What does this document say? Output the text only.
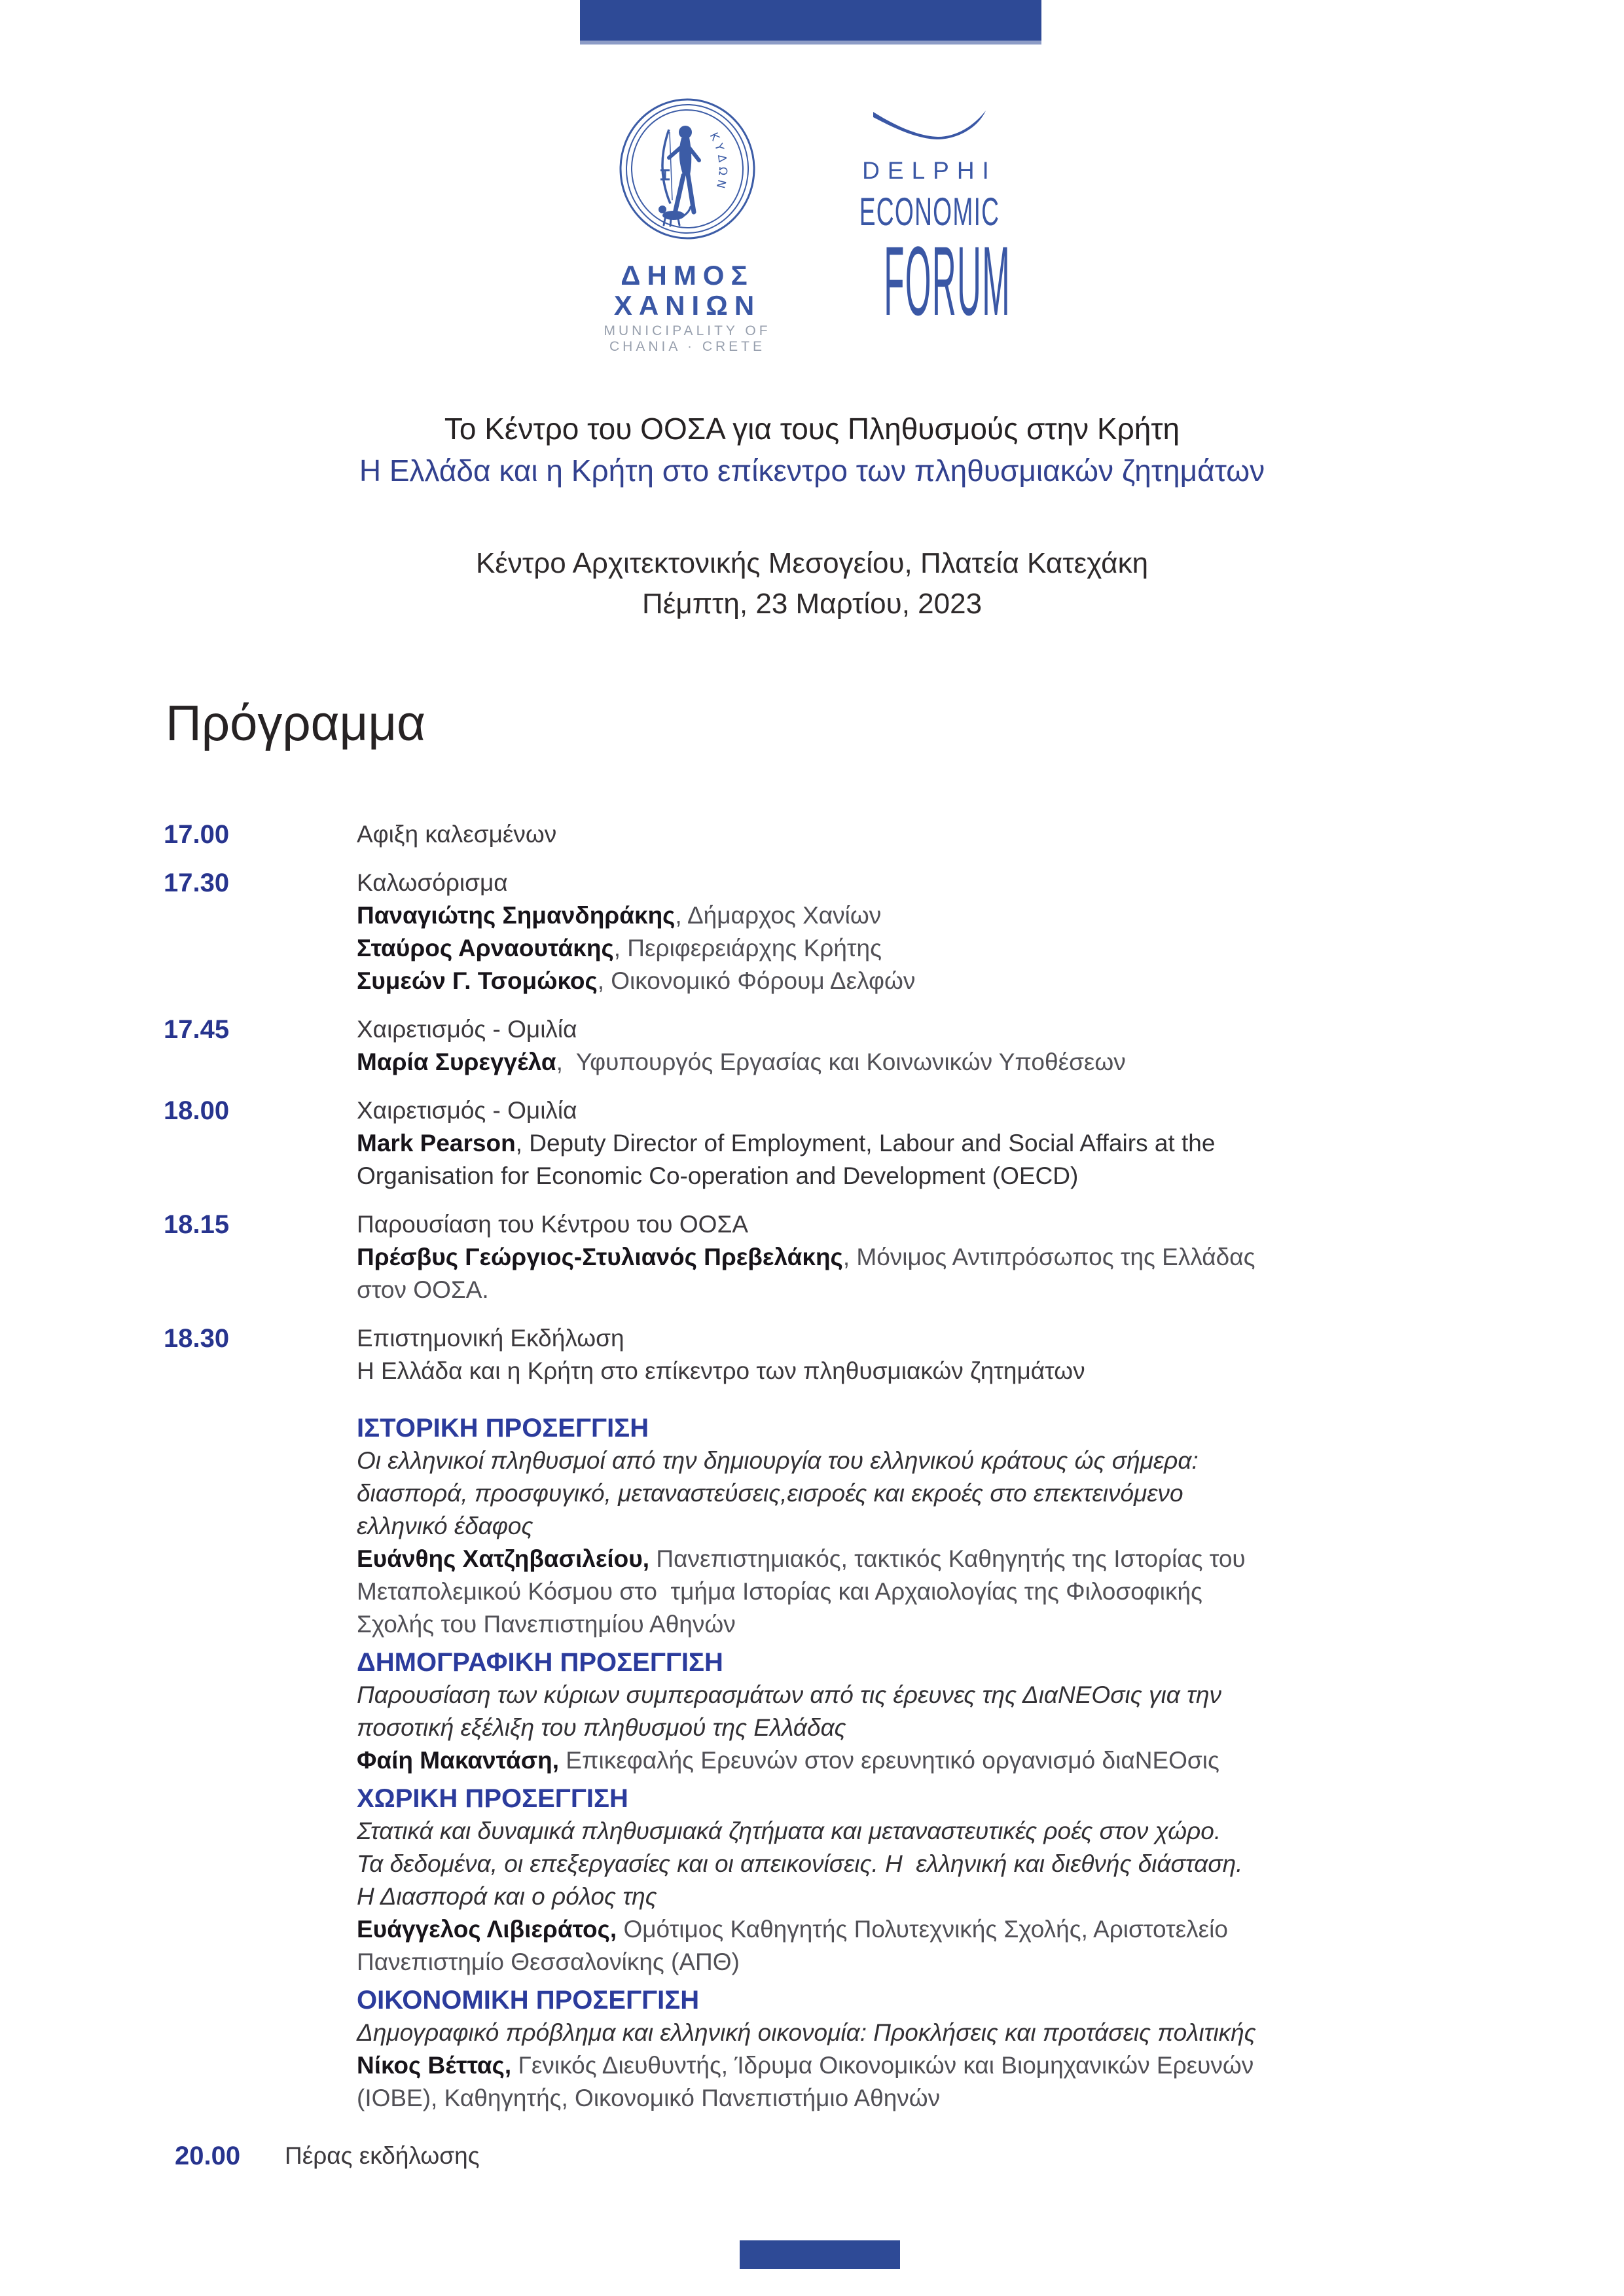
ΚΥΔΩΝ
ΔΗΜΟΣ
ΧΑΝΙΩΝ
MUNICIPALITY OF
CHANIA · CRETE
DELPHI
ECONOMIC
FORUM
Το Κέντρο του ΟΟΣΑ για τους Πληθυσμούς στην Κρήτη
Η Ελλάδα και η Κρήτη στο επίκεντρο των πληθυσμιακών ζητημάτων
Κέντρο Αρχιτεκτονικής Μεσογείου, Πλατεία Κατεχάκη
Πέμπτη, 23 Μαρτίου, 2023
Πρόγραμμα
17.00	Αφιξη καλεσμένων
17.30	Καλωσόρισμα
Παναγιώτης Σημανδηράκης, Δήμαρχος Χανίων
Σταύρος Αρναουτάκης, Περιφερειάρχης Κρήτης
Συμεών Γ. Τσομώκος, Οικονομικό Φόρουμ Δελφών
17.45	Χαιρετισμός - Ομιλία
Μαρία Συρεγγέλα,  Υφυπουργός Εργασίας και Κοινωνικών Υποθέσεων
18.00	Χαιρετισμός - Ομιλία
Mark Pearson, Deputy Director of Employment, Labour and Social Affairs at the
Organisation for Economic Co-operation and Development (OECD)
18.15	Παρουσίαση του Κέντρου του ΟΟΣΑ
Πρέσβυς Γεώργιος-Στυλιανός Πρεβελάκης, Μόνιμος Αντιπρόσωπος της Ελλάδας
στον ΟΟΣΑ.
18.30	Επιστημονική Εκδήλωση
Η Ελλάδα και η Κρήτη στο επίκεντρο των πληθυσμιακών ζητημάτων
ΙΣΤΟΡΙΚΗ ΠΡΟΣΕΓΓΙΣΗ
Οι ελληνικοί πληθυσμοί από την δημιουργία του ελληνικού κράτους ώς σήμερα:
διασπορά, προσφυγικό, μεταναστεύσεις,εισροές και εκροές στο επεκτεινόμενο
ελληνικό έδαφος
Ευάνθης Χατζηβασιλείου, Πανεπιστημιακός, τακτικός Καθηγητής της Ιστορίας του
Μεταπολεμικού Κόσμου στο  τμήμα Ιστορίας και Αρχαιολογίας της Φιλοσοφικής
Σχολής του Πανεπιστημίου Αθηνών
ΔΗΜΟΓΡΑΦΙΚΗ ΠΡΟΣΕΓΓΙΣΗ
Παρουσίαση των κύριων συμπερασμάτων από τις έρευνες της ΔιαΝΕΟσις για την
ποσοτική εξέλιξη του πληθυσμού της Ελλάδας
Φαίη Μακαντάση, Επικεφαλής Ερευνών στον ερευνητικό οργανισμό διαΝΕΟσις
ΧΩΡΙΚΗ ΠΡΟΣΕΓΓΙΣΗ
Στατικά και δυναμικά πληθυσμιακά ζητήματα και μεταναστευτικές ροές στον χώρο.
Τα δεδομένα, οι επεξεργασίες και οι απεικονίσεις. Η  ελληνική και διεθνής διάσταση.
Η Διασπορά και ο ρόλος της
Ευάγγελος Λιβιεράτος, Ομότιμος Καθηγητής Πολυτεχνικής Σχολής, Αριστοτελείο
Πανεπιστημίο Θεσσαλονίκης (ΑΠΘ)
ΟΙΚΟΝΟΜΙΚΗ ΠΡΟΣΕΓΓΙΣΗ
Δημογραφικό πρόβλημα και ελληνική οικονομία: Προκλήσεις και προτάσεις πολιτικής
Νίκος Βέττας, Γενικός Διευθυντής, Ίδρυμα Οικονομικών και Βιομηχανικών Ερευνών
(ΙΟΒΕ), Καθηγητής, Οικονομικό Πανεπιστήμιο Αθηνών
20.00	Πέρας εκδήλωσης
